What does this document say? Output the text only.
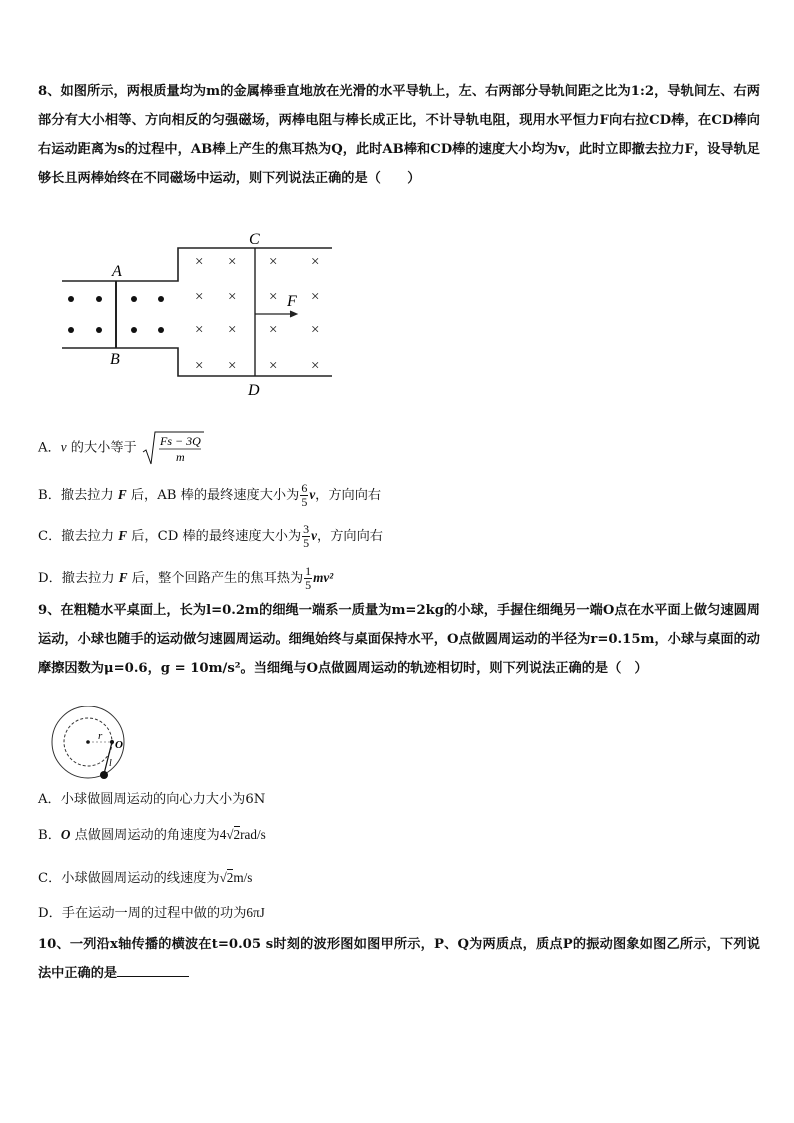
8、如图所示，两根质量均为m的金属棒垂直地放在光滑的水平导轨上，左、右两部分导轨间距之比为1:2，导轨间左、右两部分有大小相等、方向相反的匀强磁场，两棒电阻与棒长成正比，不计导轨电阻，现用水平恒力F向右拉CD棒，在CD棒向右运动距离为s的过程中，AB棒上产生的焦耳热为Q，此时AB棒和CD棒的速度大小均为v，此时立即撤去拉力F，设导轨足够长且两棒始终在不同磁场中运动，则下列说法正确的是（　　）
A
B
C
D
F
× × × ×
× × × ×
× × × ×
× × × ×
A．v 的大小等于 Fs − 3Q
m
B．撤去拉力 F 后，AB 棒的最终速度大小为 $\frac{6}{5}$ v，方向向右
C．撤去拉力 F 后，CD 棒的最终速度大小为 $\frac{3}{5}$ v，方向向右
D．撤去拉力 F 后，整个回路产生的焦耳热为 $\frac{1}{5} mv^2$
9、在粗糙水平桌面上，长为l=0.2m的细绳一端系一质量为m=2kg的小球，手握住细绳另一端O点在水平面上做匀速圆周运动，小球也随手的运动做匀速圆周运动。细绳始终与桌面保持水平，O点做圆周运动的半径为r=0.15m，小球与桌面的动摩擦因数为μ=0.6，g = 10m/s²。当细绳与O点做圆周运动的轨迹相切时，则下列说法正确的是（　）
r
O
l
A．小球做圆周运动的向心力大小为6N
B．O 点做圆周运动的角速度为4√2rad/s
C．小球做圆周运动的线速度为√2m/s
D．手在运动一周的过程中做的功为6πJ
10、一列沿x轴传播的横波在t=0.05 s时刻的波形图如图甲所示，P、Q为两质点，质点P的振动图象如图乙所示，下列说法中正确的是
